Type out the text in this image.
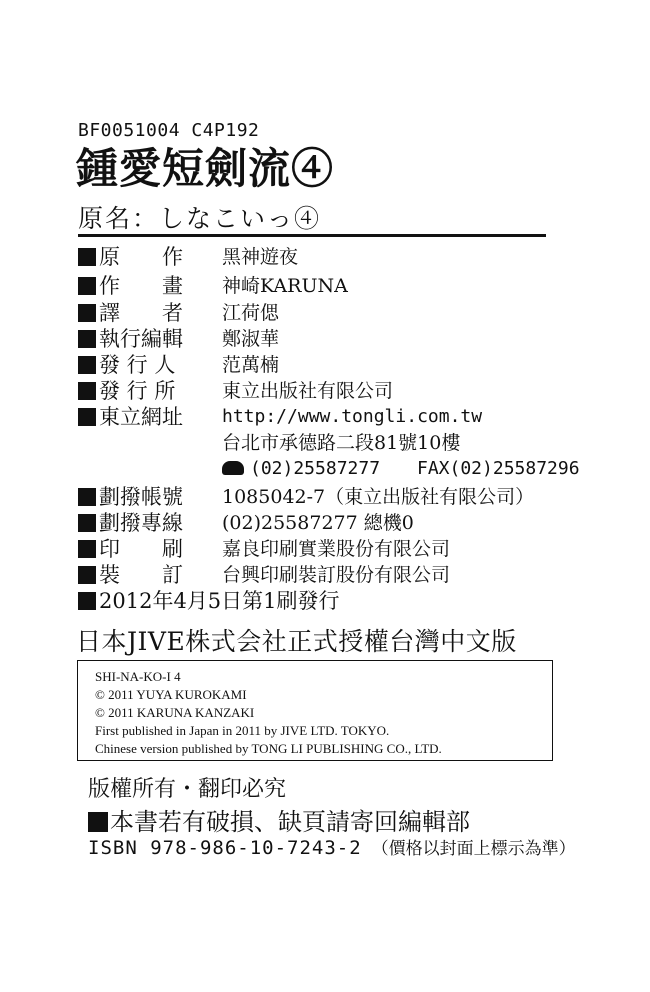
BF0051004 C4P192
鍾愛短劍流④
原名：しなこいっ④
原　　作	黑神遊夜
作　　畫	神崎KARUNA
譯　　者	江荷偲
執行編輯 鄭淑華
發 行 人	范萬楠
發 行 所	東立出版社有限公司
東立網址 http://www.tongli.com.tw
台北市承德路二段81號10樓
(02)25587277 FAX(02)25587296
劃撥帳號 1085042-7（東立出版社有限公司）
劃撥專線 (02)25587277 總機0
印　　刷	嘉良印刷實業股份有限公司
裝　　訂	台興印刷裝訂股份有限公司
2012年4月5日第1刷發行
日本JIVE株式会社正式授權台灣中文版
SHI-NA-KO-I 4
© 2011 YUYA KUROKAMI
© 2011 KARUNA KANZAKI
First published in Japan in 2011 by JIVE LTD. TOKYO.
Chinese version published by TONG LI PUBLISHING CO., LTD.
版權所有・翻印必究
本書若有破損、缺頁請寄回編輯部
ISBN 978-986-10-7243-2 （價格以封面上標示為準）
